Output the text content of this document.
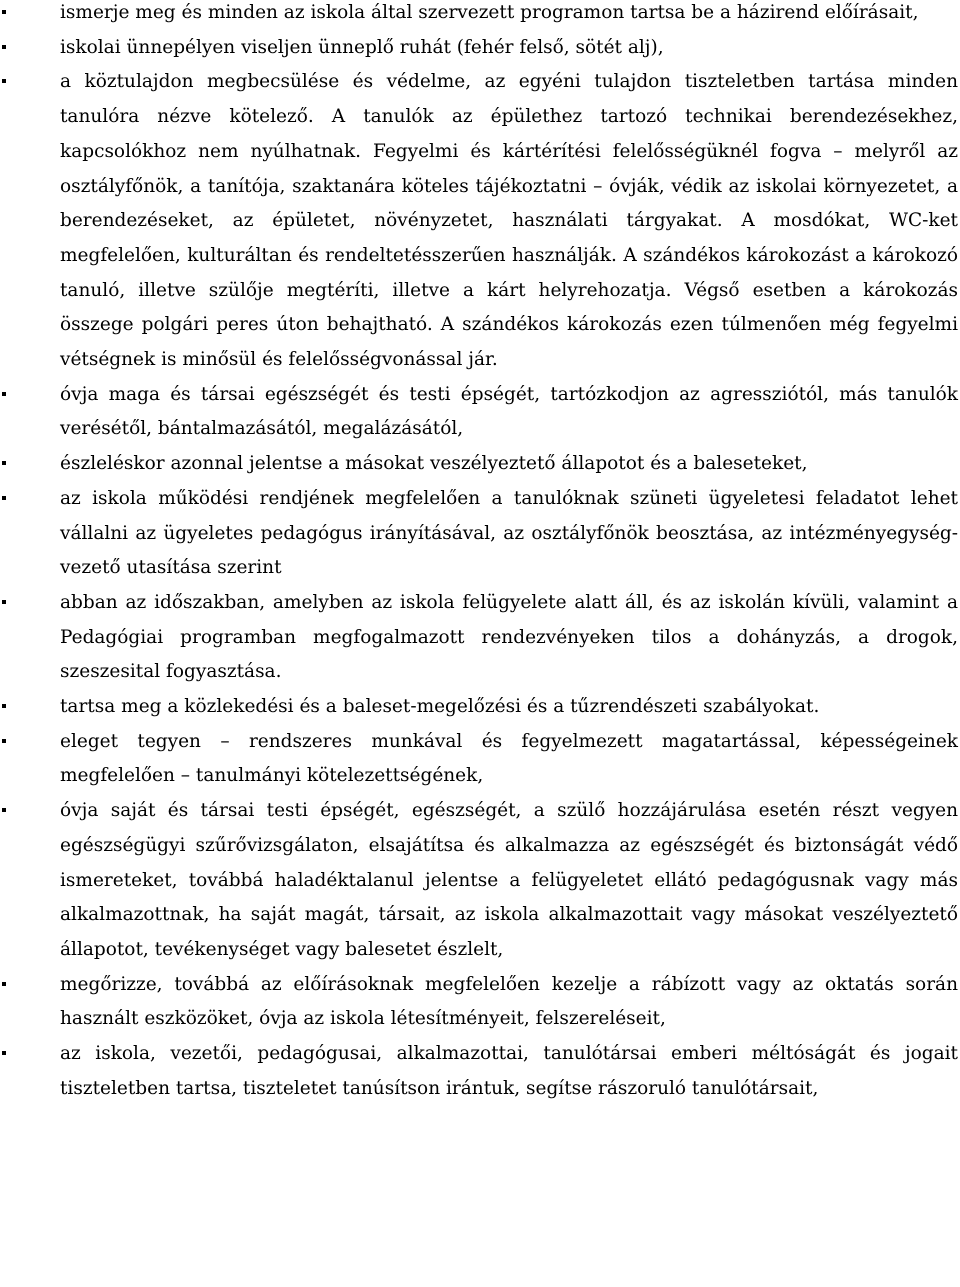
ismerje meg és minden az iskola által szervezett programon tartsa be a házirend előírásait,
iskolai ünnepélyen viseljen ünneplő ruhát (fehér felső, sötét alj),
a köztulajdon megbecsülése és védelme, az egyéni tulajdon tiszteletben tartása minden tanulóra nézve kötelező. A tanulók az épülethez tartozó technikai berendezésekhez, kapcsolókhoz nem nyúlhatnak. Fegyelmi és kártérítési felelősségüknél fogva – melyről az osztályfőnök, a tanítója, szaktanára köteles tájékoztatni – óvják, védik az iskolai környezetet, a berendezéseket, az épületet, növényzetet, használati tárgyakat. A mosdókat, WC-ket megfelelően, kulturáltan és rendeltetésszerűen használják. A szándékos károkozást a károkozó tanuló, illetve szülője megtéríti, illetve a kárt helyrehozatja. Végső esetben a károkozás összege polgári peres úton behajtható. A szándékos károkozás ezen túlmenően még fegyelmi vétségnek is minősül és felelősségvonással jár.
óvja maga és társai egészségét és testi épségét, tartózkodjon az agressziótól, más tanulók verésétől, bántalmazásától, megalázásától,
észleléskor azonnal jelentse a másokat veszélyeztető állapotot és a baleseteket,
az iskola működési rendjének megfelelően a tanulóknak szüneti ügyeletesi feladatot lehet vállalni az ügyeletes pedagógus irányításával, az osztályfőnök beosztása, az intézményegység-vezető utasítása szerint
abban az időszakban, amelyben az iskola felügyelete alatt áll, és az iskolán kívüli, valamint a Pedagógiai programban megfogalmazott rendezvényeken tilos a dohányzás, a drogok, szeszesital fogyasztása.
tartsa meg a közlekedési és a baleset-megelőzési és a tűzrendészeti szabályokat.
eleget tegyen – rendszeres munkával és fegyelmezett magatartással, képességeinek megfelelően – tanulmányi kötelezettségének,
óvja saját és társai testi épségét, egészségét, a szülő hozzájárulása esetén részt vegyen egészségügyi szűrővizsgálaton, elsajátítsa és alkalmazza az egészségét és biztonságát védő ismereteket, továbbá haladéktalanul jelentse a felügyeletet ellátó pedagógusnak vagy más alkalmazottnak, ha saját magát, társait, az iskola alkalmazottait vagy másokat veszélyeztető állapotot, tevékenységet vagy balesetet észlelt,
megőrizze, továbbá az előírásoknak megfelelően kezelje a rábízott vagy az oktatás során használt eszközöket, óvja az iskola létesítményeit, felszereléseit,
az iskola, vezetői, pedagógusai, alkalmazottai, tanulótársai emberi méltóságát és jogait tiszteletben tartsa, tiszteletet tanúsítson irántuk, segítse rászoruló tanulótársait,
